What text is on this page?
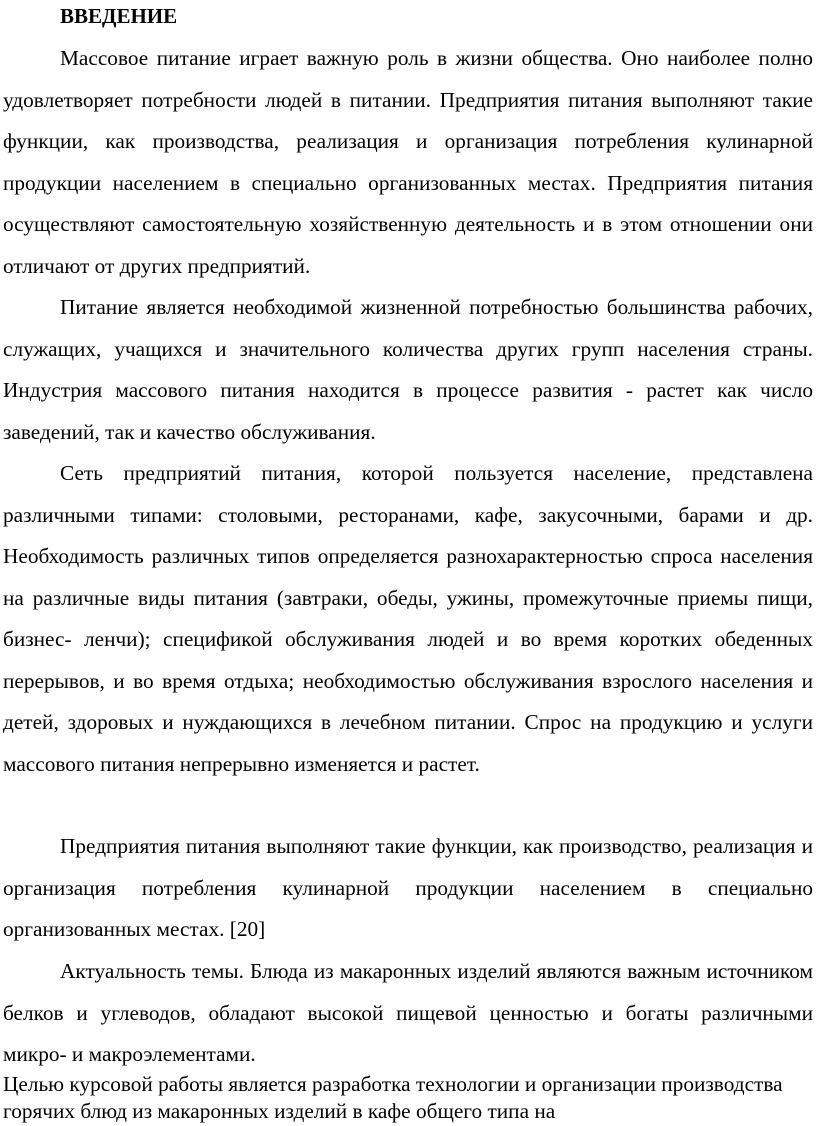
ВВЕДЕНИЕ

Массовое питание играет важную роль в жизни общества. Оно наиболее полно удовлетворяет потребности людей в питании. Предприятия питания выполняют такие функции, как производства, реализация и организация потребления кулинарной продукции населением в специально организованных местах. Предприятия питания осуществляют самостоятельную хозяйственную деятельность и в этом отношении они отличают от других предприятий.

Питание является необходимой жизненной потребностью большинства рабочих, служащих, учащихся и значительного количества других групп населения страны. Индустрия массового питания находится в процессе развития - растет как число заведений, так и качество обслуживания.

Сеть предприятий питания, которой пользуется население, представлена различными типами: столовыми, ресторанами, кафе, закусочными, барами и др. Необходимость различных типов определяется разнохарактерностью спроса населения на различные виды питания (завтраки, обеды, ужины, промежуточные приемы пищи, бизнес- ленчи); спецификой обслуживания людей и во время коротких обеденных перерывов, и во время отдыха; необходимостью обслуживания взрослого населения и детей, здоровых и нуждающихся в лечебном питании. Спрос на продукцию и услуги массового питания непрерывно изменяется и растет.

Предприятия питания выполняют такие функции, как производство, реализация и организация потребления кулинарной продукции населением в специально организованных местах. [20]

Актуальность темы. Блюда из макаронных изделий являются важным источником белков и углеводов, обладают высокой пищевой ценностью и богаты различными микро- и макроэлементами.

Целью курсовой работы является разработка технологии и организации производства горячих блюд из макаронных изделий в кафе общего типа на
